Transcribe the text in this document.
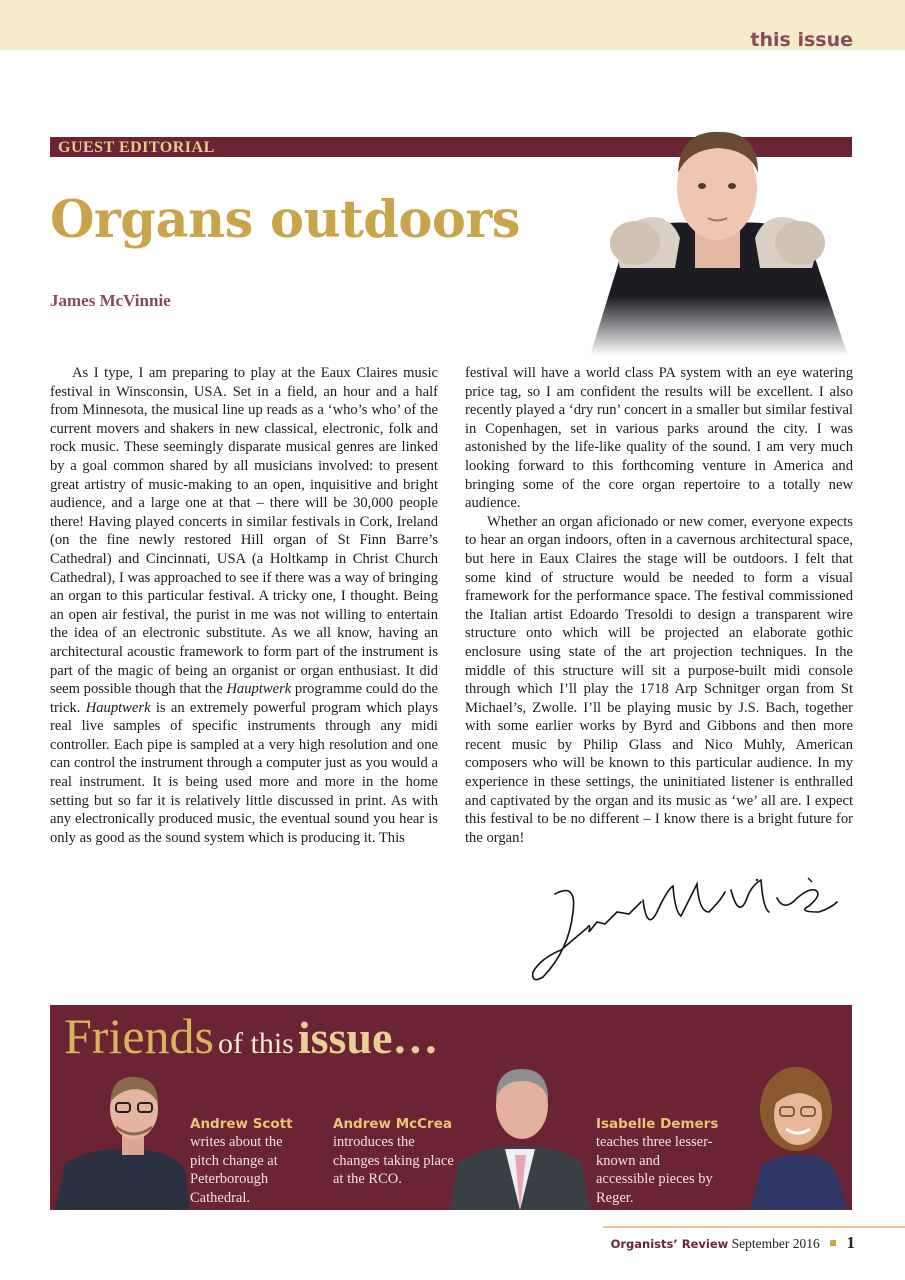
this issue
GUEST EDITORIAL
Organs outdoors
James McVinnie

As I type, I am preparing to play at the Eaux Claires music festival in Winsconsin, USA. Set in a field, an hour and a half from Minnesota, the musical line up reads as a ‘who’s who’ of the current movers and shakers in new classical, electronic, folk and rock music. These seemingly disparate musical genres are linked by a goal common shared by all musicians involved: to present great artistry of music-making to an open, inquisitive and bright audience, and a large one at that – there will be 30,000 people there! Having played concerts in similar festivals in Cork, Ireland (on the fine newly restored Hill organ of St Finn Barre’s Cathedral) and Cincinnati, USA (a Holtkamp in Christ Church Cathedral), I was approached to see if there was a way of bringing an organ to this particular festival. A tricky one, I thought. Being an open air festival, the purist in me was not willing to entertain the idea of an electronic substitute. As we all know, having an architectural acoustic framework to form part of the instrument is part of the magic of being an organist or organ enthusiast. It did seem possible though that the Hauptwerk programme could do the trick. Hauptwerk is an extremely powerful program which plays real live samples of specific instruments through any midi controller. Each pipe is sampled at a very high resolution and one can control the instrument through a computer just as you would a real instrument. It is being used more and more in the home setting but so far it is relatively little discussed in print. As with any electronically produced music, the eventual sound you hear is only as good as the sound system which is producing it. This

festival will have a world class PA system with an eye watering price tag, so I am confident the results will be excellent. I also recently played a ‘dry run’ concert in a smaller but similar festival in Copenhagen, set in various parks around the city. I was astonished by the life-like quality of the sound. I am very much looking forward to this forthcoming venture in America and bringing some of the core organ repertoire to a totally new audience.

Whether an organ aficionado or new comer, everyone expects to hear an organ indoors, often in a cavernous architectural space, but here in Eaux Claires the stage will be outdoors. I felt that some kind of structure would be needed to form a visual framework for the performance space. The festival commissioned the Italian artist Edoardo Tresoldi to design a transparent wire structure onto which will be projected an elaborate gothic enclosure using state of the art projection techniques. In the middle of this structure will sit a purpose-built midi console through which I’ll play the 1718 Arp Schnitger organ from St Michael’s, Zwolle. I’ll be playing music by J.S. Bach, together with some earlier works by Byrd and Gibbons and then more recent music by Philip Glass and Nico Muhly, American composers who will be known to this particular audience. In my experience in these settings, the uninitiated listener is enthralled and captivated by the organ and its music as ‘we’ all are. I expect this festival to be no different – I know there is a bright future for the organ!

Friends of this issue…
Andrew Scott
writes about the pitch change at Peterborough Cathedral.
Andrew McCrea
introduces the changes taking place at the RCO.
Isabelle Demers
teaches three lesser-known and accessible pieces by Reger.
Organists’ Review September 2016 1
